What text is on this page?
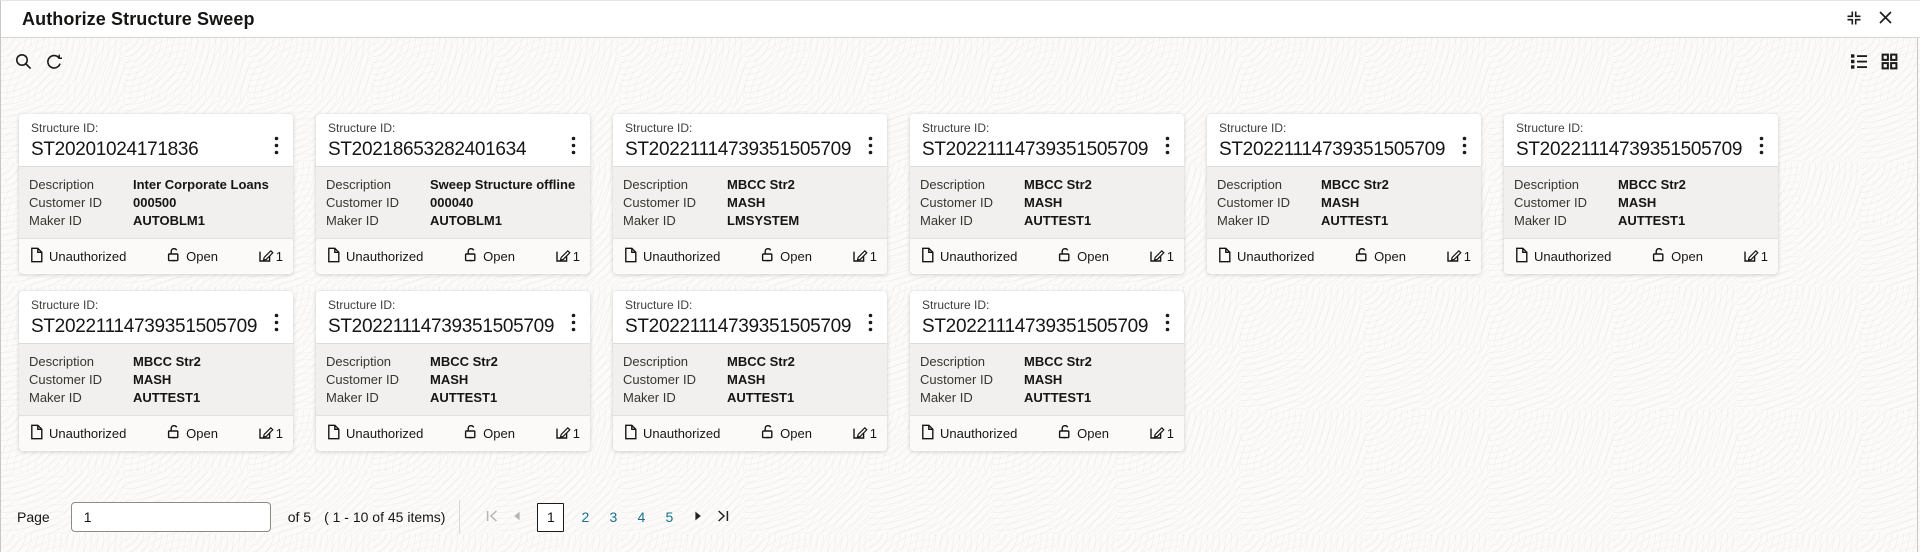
Authorize Structure Sweep
Structure ID:
ST20201024171836
Description	Inter Corporate Loans
Customer ID	000500
Maker ID	AUTOBLM1
Unauthorized	Open	1
Structure ID:
ST20218653282401634
Description	Sweep Structure offline
Customer ID	000040
Maker ID	AUTOBLM1
Unauthorized	Open	1
Structure ID:
ST20221114739351505709
Description	MBCC Str2
Customer ID	MASH
Maker ID	LMSYSTEM
Unauthorized	Open	1
Structure ID:
ST20221114739351505709
Description	MBCC Str2
Customer ID	MASH
Maker ID	AUTTEST1
Unauthorized	Open	1
Structure ID:
ST20221114739351505709
Description	MBCC Str2
Customer ID	MASH
Maker ID	AUTTEST1
Unauthorized	Open	1
Structure ID:
ST20221114739351505709
Description	MBCC Str2
Customer ID	MASH
Maker ID	AUTTEST1
Unauthorized	Open	1
Structure ID:
ST20221114739351505709
Description	MBCC Str2
Customer ID	MASH
Maker ID	AUTTEST1
Unauthorized	Open	1
Structure ID:
ST20221114739351505709
Description	MBCC Str2
Customer ID	MASH
Maker ID	AUTTEST1
Unauthorized	Open	1
Structure ID:
ST20221114739351505709
Description	MBCC Str2
Customer ID	MASH
Maker ID	AUTTEST1
Unauthorized	Open	1
Structure ID:
ST20221114739351505709
Description	MBCC Str2
Customer ID	MASH
Maker ID	AUTTEST1
Unauthorized	Open	1
Page
1	of 5 ( 1 - 10 of 45 items)	1	2	3	4	5
